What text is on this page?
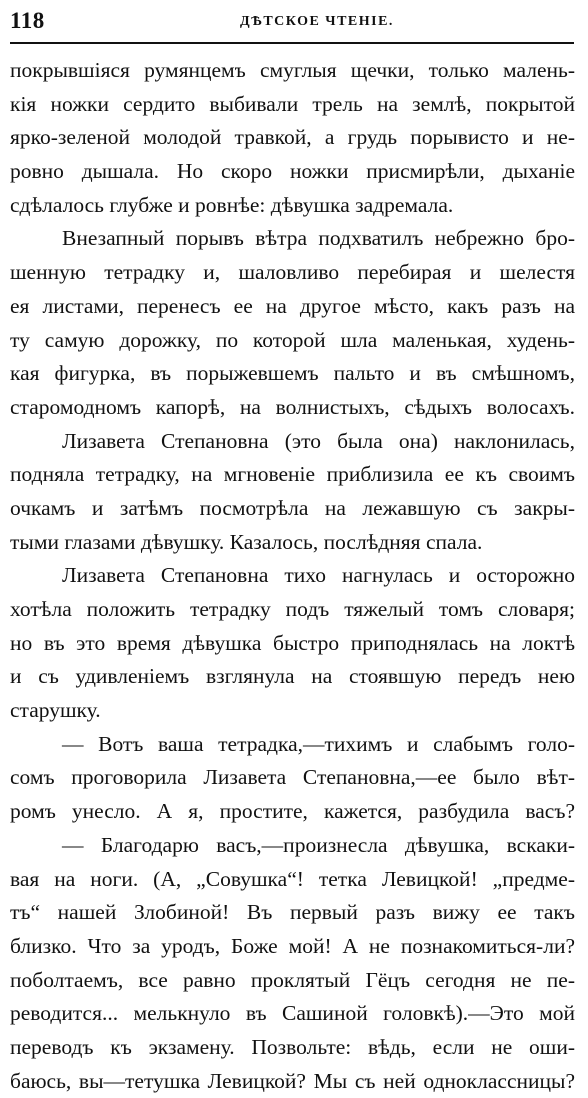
118	ДѢТСКОЕ ЧТЕНІЕ.
покрывшіяся румянцемъ смуглыя щечки, только малень-
кія ножки сердито выбивали трель на землѣ, покрытой
ярко-зеленой молодой травкой, а грудь порывисто и не-
ровно дышала. Но скоро ножки присмирѣли, дыханіе
сдѣлалось глубже и ровнѣе: дѣвушка задремала.
Внезапный порывъ вѣтра подхватилъ небрежно бро-
шенную тетрадку и, шаловливо перебирая и шелестя
ея листами, перенесъ ее на другое мѣсто, какъ разъ на
ту самую дорожку, по которой шла маленькая, худень-
кая фигурка, въ порыжевшемъ пальто и въ смѣшномъ,
старомодномъ капорѣ, на волнистыхъ, сѣдыхъ волосахъ.
Лизавета Степановна (это была она) наклонилась,
подняла тетрадку, на мгновеніе приблизила ее къ своимъ
очкамъ и затѣмъ посмотрѣла на лежавшую съ закры-
тыми глазами дѣвушку. Казалось, послѣдняя спала.
Лизавета Степановна тихо нагнулась и осторожно
хотѣла положить тетрадку подъ тяжелый томъ словаря;
но въ это время дѣвушка быстро приподнялась на локтѣ
и съ удивленіемъ взглянула на стоявшую передъ нею
старушку.
— Вотъ ваша тетрадка,—тихимъ и слабымъ голо-
сомъ проговорила Лизавета Степановна,—ее было вѣт-
ромъ унесло. А я, простите, кажется, разбудила васъ?
— Благодарю васъ,—произнесла дѣвушка, вскаки-
вая на ноги. (А, „Совушка“! тетка Левицкой! „предме-
тъ“ нашей Злобиной! Въ первый разъ вижу ее такъ
близко. Что за уродъ, Боже мой! А не познакомиться-ли?
поболтаемъ, все равно проклятый Гёцъ сегодня не пе-
реводится... мелькнуло въ Сашиной головкѣ).—Это мой
переводъ къ экзамену. Позвольте: вѣдь, если не оши-
баюсь, вы—тетушка Левицкой? Мы съ ней одноклассницы?
